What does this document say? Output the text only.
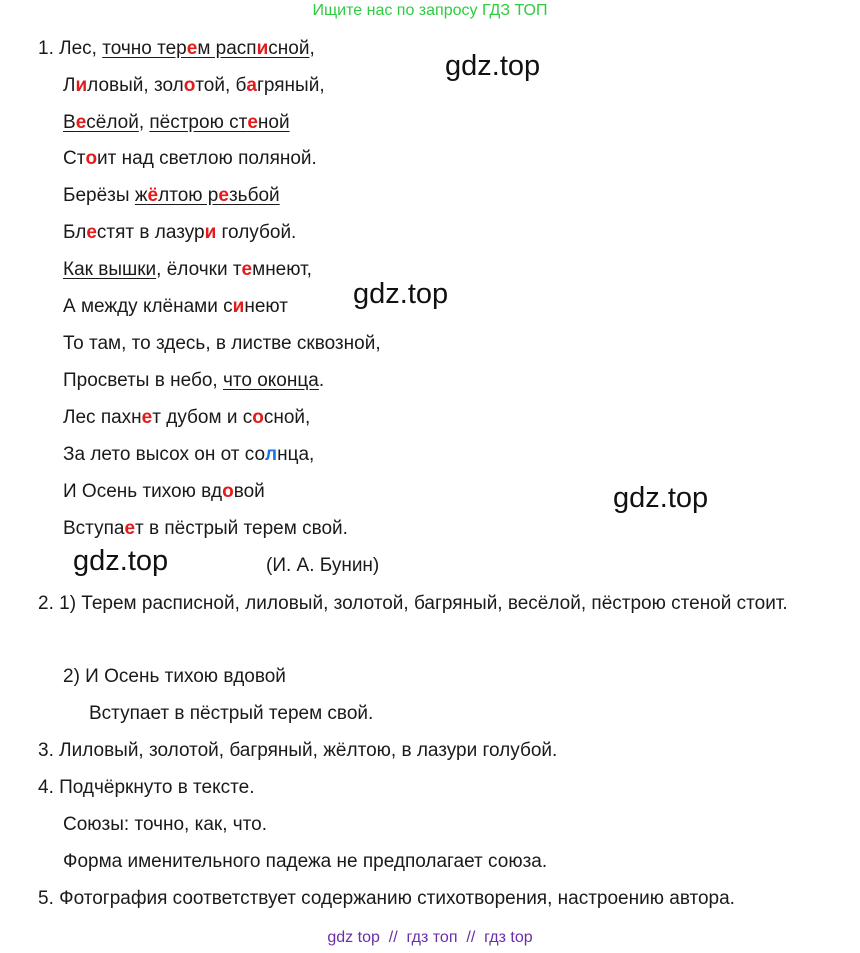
Ищите нас по запросу ГДЗ ТОП
1. Лес, точно терем расписной,
Лиловый, золотой, багряный,
Весёлой, пёстрою стеной
Стоит над светлою поляной.
Берёзы жёлтою резьбой
Блестят в лазури голубой.
Как вышки, ёлочки темнеют,
А между клёнами синеют
То там, то здесь, в листве сквозной,
Просветы в небо, что оконца.
Лес пахнет дубом и сосной,
За лето высох он от солнца,
И Осень тихою вдовой
Вступает в пёстрый терем свой.
(И. А. Бунин)
gdz.top
gdz.top
gdz.top
gdz.top
2. 1) Терем расписной, лиловый, золотой, багряный, весёлой, пёстрою стеной стоит.
2) И Осень тихою вдовой
Вступает в пёстрый терем свой.
3. Лиловый, золотой, багряный, жёлтою, в лазури голубой.
4. Подчёркнуто в тексте.
Союзы: точно, как, что.
Форма именительного падежа не предполагает союза.
5. Фотография соответствует содержанию стихотворения, настроению автора.
gdz top  //  гдз топ  //  гдз top
